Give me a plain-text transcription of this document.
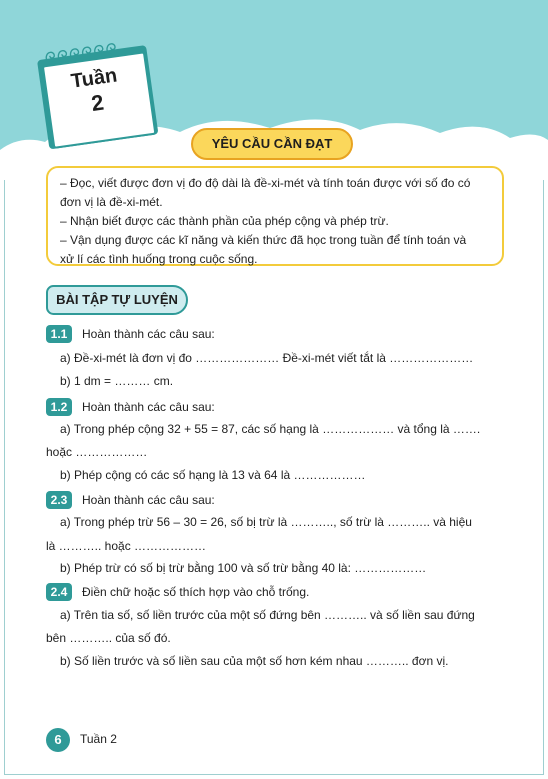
ᘓᘓᘓᘓᘓᘓ
Tuần
2
YÊU CẦU CẦN ĐẠT

– Đọc, viết được đơn vị đo độ dài là đề-xi-mét và tính toán được với số đo có

đơn vị là đề-xi-mét.

– Nhận biết được các thành phần của phép cộng và phép trừ.

– Vận dụng được các kĩ năng và kiến thức đã học trong tuần để tính toán và

xử lí các tình huống trong cuộc sống.

BÀI TẬP TỰ LUYỆN
1.1	Hoàn thành các câu sau:
a) Đề-xi-mét là đơn vị đo ………………… Đề-xi-mét viết tắt là …………………
b) 1 dm = ……… cm.
1.2	Hoàn thành các câu sau:
a) Trong phép cộng 32 + 55 = 87, các số hạng là ……………… và tổng là …….
hoặc ………………
b) Phép cộng có các số hạng là 13 và 64 là ………………
2.3	Hoàn thành các câu sau:
a) Trong phép trừ 56 – 30 = 26, số bị trừ là ……….., số trừ là ……….. và hiệu
là ……….. hoặc ………………
b) Phép trừ có số bị trừ bằng 100 và số trừ bằng 40 là: ………………
2.4	Điền chữ hoặc số thích hợp vào chỗ trống.
a) Trên tia số, số liền trước của một số đứng bên ……….. và số liền sau đứng
bên ……….. của số đó.
b) Số liền trước và số liền sau của một số hơn kém nhau ……….. đơn vị.
6	Tuần 2
